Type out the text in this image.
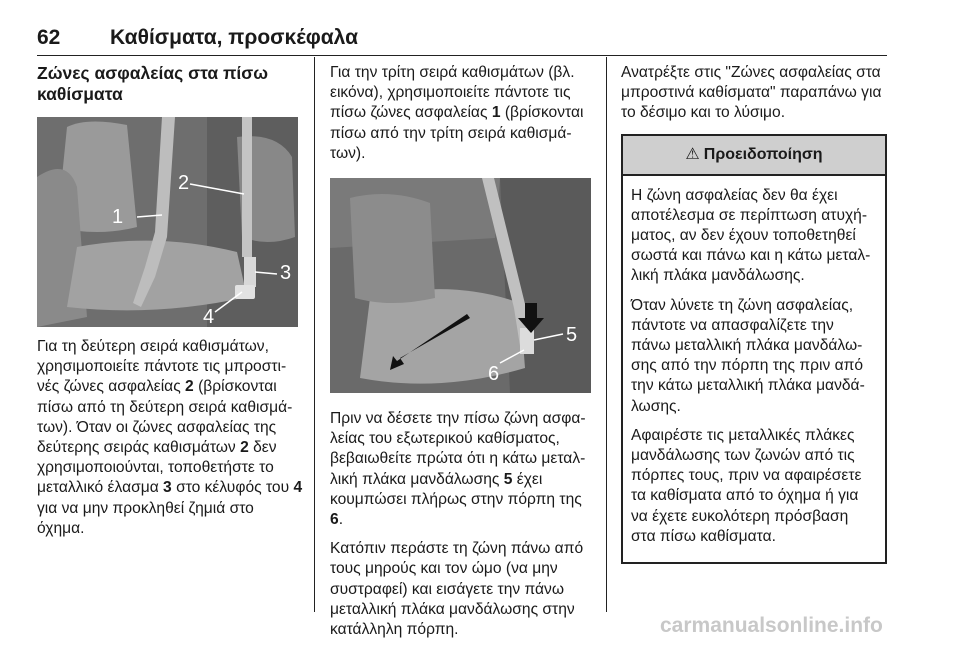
62 Καθίσματα, προσκέφαλα
Ζώνες ασφαλείας στα πίσω καθίσματα
2
1
3
4

Για τη δεύτερη σειρά καθισμάτων, χρησιμοποιείτε πάντοτε τις μπροστινές ζώνες ασφαλείας 2 (βρίσκονται πίσω από τη δεύτερη σειρά καθισμάτων). Όταν οι ζώνες ασφαλείας της δεύτερης σειράς καθισμάτων 2 δεν χρησιμοποιούνται, τοποθετήστε το μεταλλικό έλασμα 3 στο κέλυφός του 4 για να μην προκληθεί ζημιά στο όχημα.

Για την τρίτη σειρά καθισμάτων (βλ. εικόνα), χρησιμοποιείτε πάντοτε τις πίσω ζώνες ασφαλείας 1 (βρίσκονται πίσω από την τρίτη σειρά καθισμάτων).

5
6

Πριν να δέσετε την πίσω ζώνη ασφαλείας του εξωτερικού καθίσματος, βεβαιωθείτε πρώτα ότι η κάτω μεταλλική πλάκα μανδάλωσης 5 έχει κουμπώσει πλήρως στην πόρπη της 6.

Κατόπιν περάστε τη ζώνη πάνω από τους μηρούς και τον ώμο (να μην συστραφεί) και εισάγετε την πάνω μεταλλική πλάκα μανδάλωσης στην κατάλληλη πόρπη.

Ανατρέξτε στις "Ζώνες ασφαλείας στα μπροστινά καθίσματα" παραπάνω για το δέσιμο και το λύσιμο.

⚠ Προειδοποίηση

Η ζώνη ασφαλείας δεν θα έχει αποτέλεσμα σε περίπτωση ατυχήματος, αν δεν έχουν τοποθετηθεί σωστά και πάνω και η κάτω μεταλλική πλάκα μανδάλωσης.

Όταν λύνετε τη ζώνη ασφαλείας, πάντοτε να απασφαλίζετε την πάνω μεταλλική πλάκα μανδάλωσης από την πόρπη της πριν από την κάτω μεταλλική πλάκα μανδάλωσης.

Αφαιρέστε τις μεταλλικές πλάκες μανδάλωσης των ζωνών από τις πόρπες τους, πριν να αφαιρέσετε τα καθίσματα από το όχημα ή για να έχετε ευκολότερη πρόσβαση στα πίσω καθίσματα.

carmanualsonline.info
